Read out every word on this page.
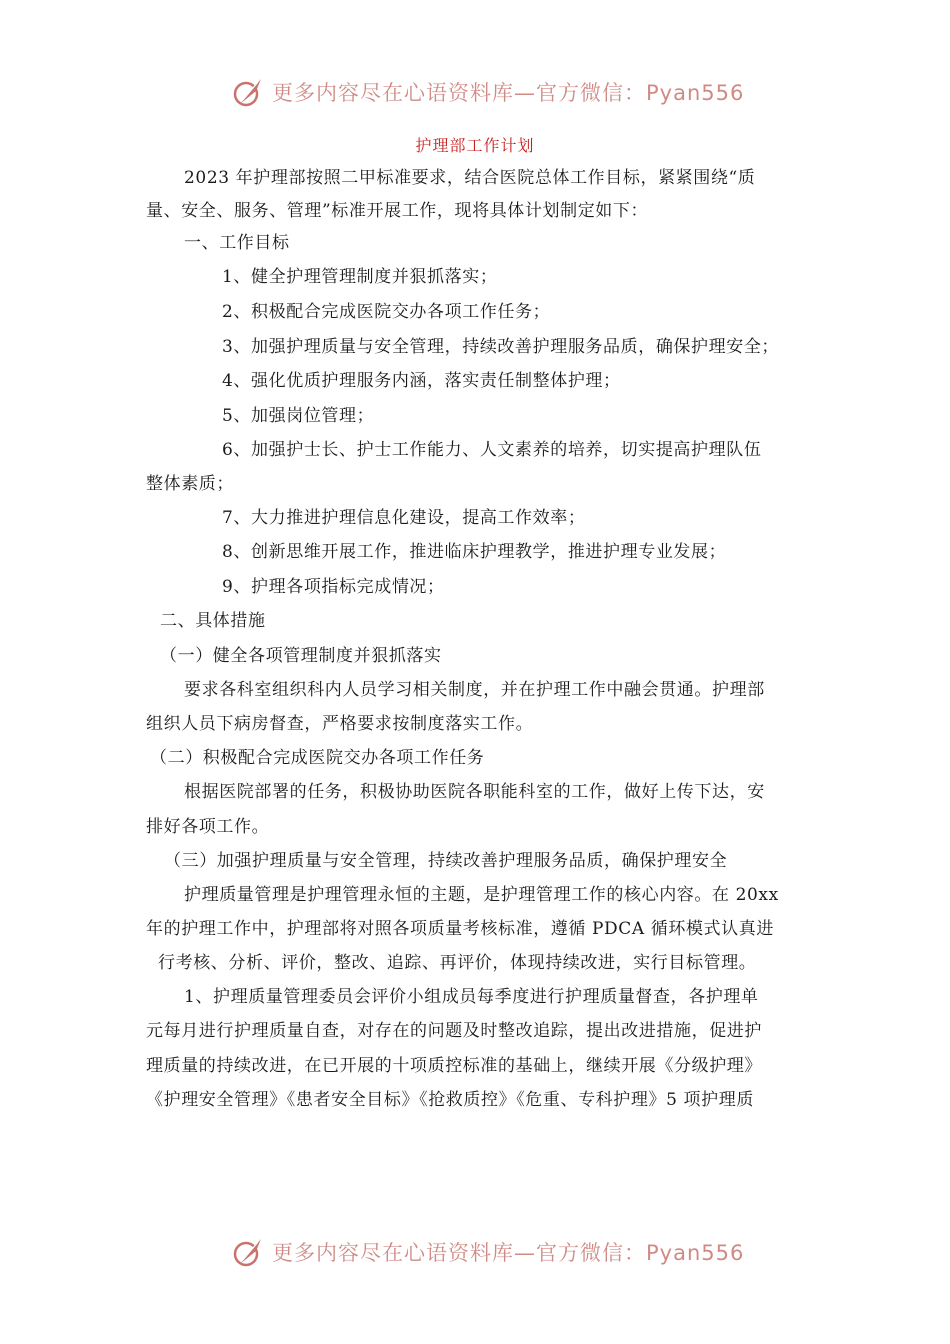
更多内容尽在心语资料库—官方微信：Pyan556
护理部工作计划
2023 年护理部按照二甲标准要求，结合医院总体工作目标，紧紧围绕“质
量、安全、服务、管理”标准开展工作，现将具体计划制定如下：
一、工作目标
1、健全护理管理制度并狠抓落实；
2、积极配合完成医院交办各项工作任务；
3、加强护理质量与安全管理，持续改善护理服务品质，确保护理安全；
4、强化优质护理服务内涵，落实责任制整体护理；
5、加强岗位管理；
6、加强护士长、护士工作能力、人文素养的培养，切实提高护理队伍
整体素质；
7、大力推进护理信息化建设，提高工作效率；
8、创新思维开展工作，推进临床护理教学，推进护理专业发展；
9、护理各项指标完成情况；
二、具体措施
（一）健全各项管理制度并狠抓落实
要求各科室组织科内人员学习相关制度，并在护理工作中融会贯通。护理部
组织人员下病房督查，严格要求按制度落实工作。
（二）积极配合完成医院交办各项工作任务
根据医院部署的任务，积极协助医院各职能科室的工作，做好上传下达，安
排好各项工作。
（三）加强护理质量与安全管理，持续改善护理服务品质，确保护理安全
护理质量管理是护理管理永恒的主题，是护理管理工作的核心内容。在 20xx
年的护理工作中，护理部将对照各项质量考核标准，遵循 PDCA 循环模式认真进
行考核、分析、评价，整改、追踪、再评价，体现持续改进，实行目标管理。
1、护理质量管理委员会评价小组成员每季度进行护理质量督查，各护理单
元每月进行护理质量自查，对存在的问题及时整改追踪，提出改进措施，促进护
理质量的持续改进，在已开展的十项质控标准的基础上，继续开展《分级护理》
《护理安全管理》《患者安全目标》《抢救质控》《危重、专科护理》5 项护理质
更多内容尽在心语资料库—官方微信：Pyan556
